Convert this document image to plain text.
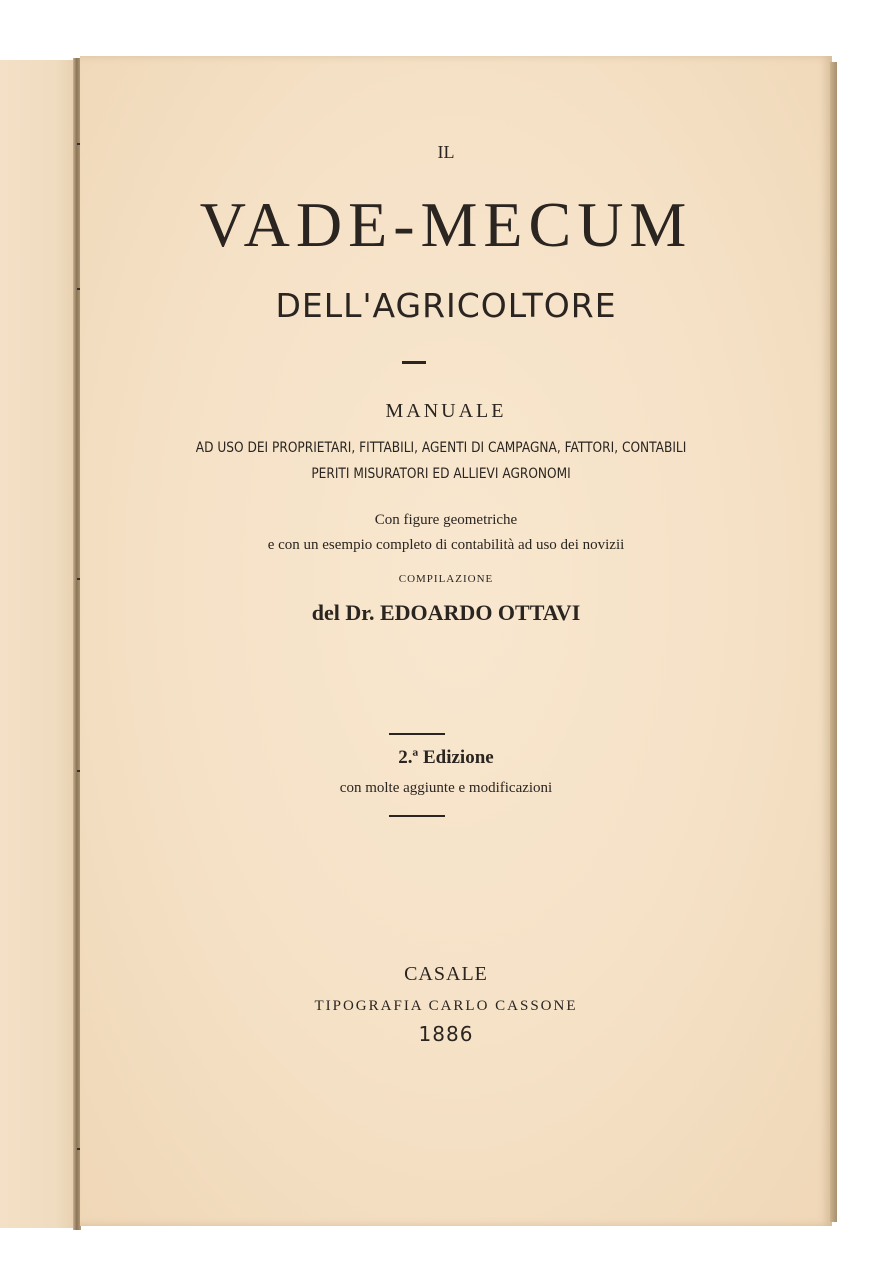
IL
VADE-MECUM
DELL'AGRICOLTORE
MANUALE
AD USO DEI PROPRIETARI, FITTABILI, AGENTI DI CAMPAGNA, FATTORI, CONTABILI
PERITI MISURATORI ED ALLIEVI AGRONOMI
Con figure geometriche
e con un esempio completo di contabilità ad uso dei novizii
COMPILAZIONE
del Dr. EDOARDO OTTAVI
2.ª Edizione
con molte aggiunte e modificazioni
CASALE
TIPOGRAFIA CARLO CASSONE
1886
